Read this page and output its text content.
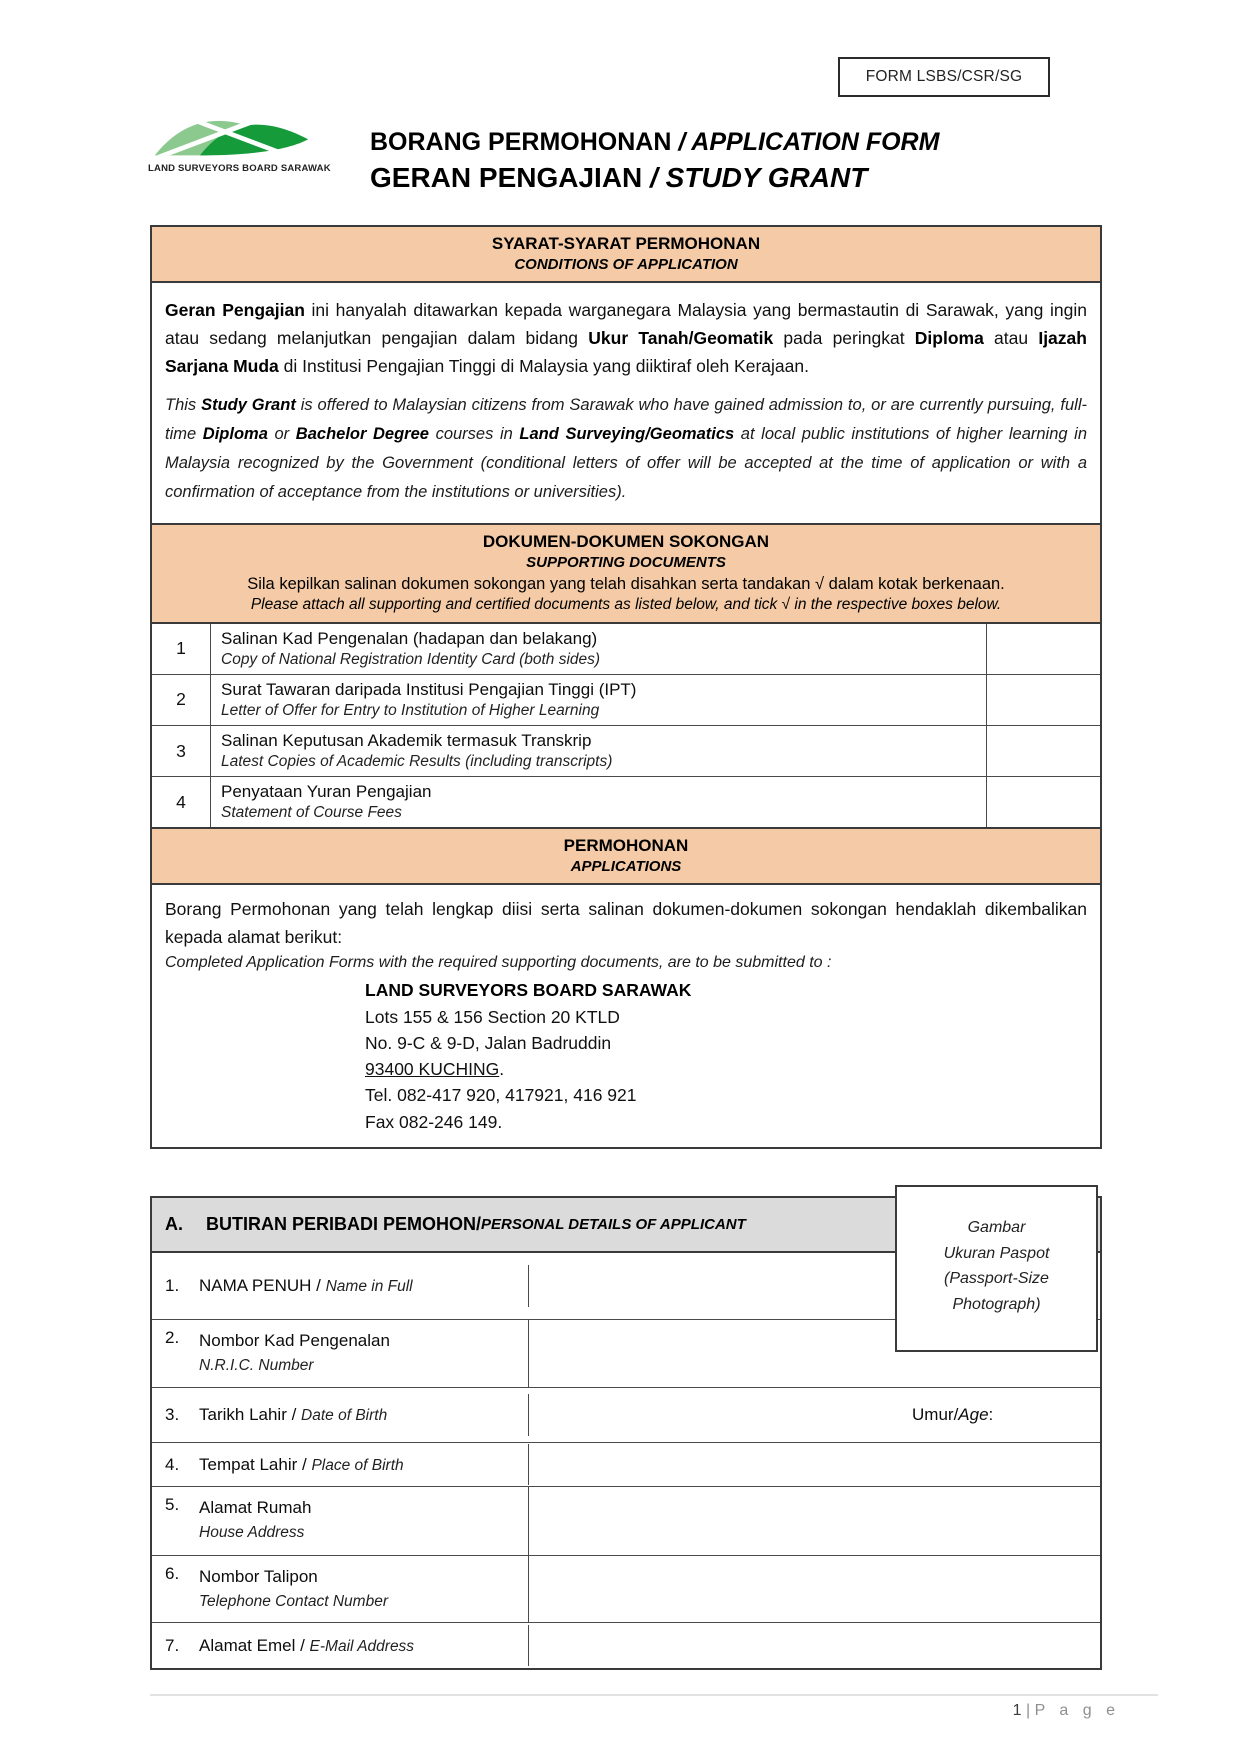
FORM LSBS/CSR/SG
LAND SURVEYORS BOARD SARAWAK
BORANG PERMOHONAN / APPLICATION FORM
GERAN PENGAJIAN / STUDY GRANT
SYARAT-SYARAT PERMOHONAN
CONDITIONS OF APPLICATION
Geran Pengajian ini hanyalah ditawarkan kepada warganegara Malaysia yang bermastautin di Sarawak, yang ingin atau sedang melanjutkan pengajian dalam bidang Ukur Tanah/Geomatik pada peringkat Diploma atau Ijazah Sarjana Muda di Institusi Pengajian Tinggi di Malaysia yang diiktiraf oleh Kerajaan.
This Study Grant is offered to Malaysian citizens from Sarawak who have gained admission to, or are currently pursuing, full-time Diploma or Bachelor Degree courses in Land Surveying/Geomatics at local public institutions of higher learning in Malaysia recognized by the Government (conditional letters of offer will be accepted at the time of application or with a confirmation of acceptance from the institutions or universities).
DOKUMEN-DOKUMEN SOKONGAN
SUPPORTING DOCUMENTS
Sila kepilkan salinan dokumen sokongan yang telah disahkan serta tandakan √ dalam kotak berkenaan.
Please attach all supporting and certified documents as listed below, and tick √ in the respective boxes below.
1
Salinan Kad Pengenalan (hadapan dan belakang)
Copy of National Registration Identity Card (both sides)
2
Surat Tawaran daripada Institusi Pengajian Tinggi (IPT)
Letter of Offer for Entry to Institution of Higher Learning
3
Salinan Keputusan Akademik termasuk Transkrip
Latest Copies of Academic Results (including transcripts)
4
Penyataan Yuran Pengajian
Statement of Course Fees
PERMOHONAN
APPLICATIONS
Borang Permohonan yang telah lengkap diisi serta salinan dokumen-dokumen sokongan hendaklah dikembalikan kepada alamat berikut:
Completed Application Forms with the required supporting documents, are to be submitted to :
LAND SURVEYORS BOARD SARAWAK
Lots 155 & 156 Section 20 KTLD
No. 9-C & 9-D, Jalan Badruddin
93400 KUCHING.
Tel. 082-417 920, 417921, 416 921
Fax 082-246 149.
A.	BUTIRAN PERIBADI PEMOHON / PERSONAL DETAILS OF APPLICANT
1.	NAMA PENUH / Name in Full
2.	Nombor Kad Pengenalan
N.R.I.C. Number
3.	Tarikh Lahir / Date of Birth	Umur / Age :
4.	Tempat Lahir / Place of Birth
5.	Alamat Rumah
House Address
6.	Nombor Talipon
Telephone Contact Number
7.	Alamat Emel / E-Mail Address
Gambar
Ukuran Paspot
(Passport-Size
Photograph)
1 | P a g e
